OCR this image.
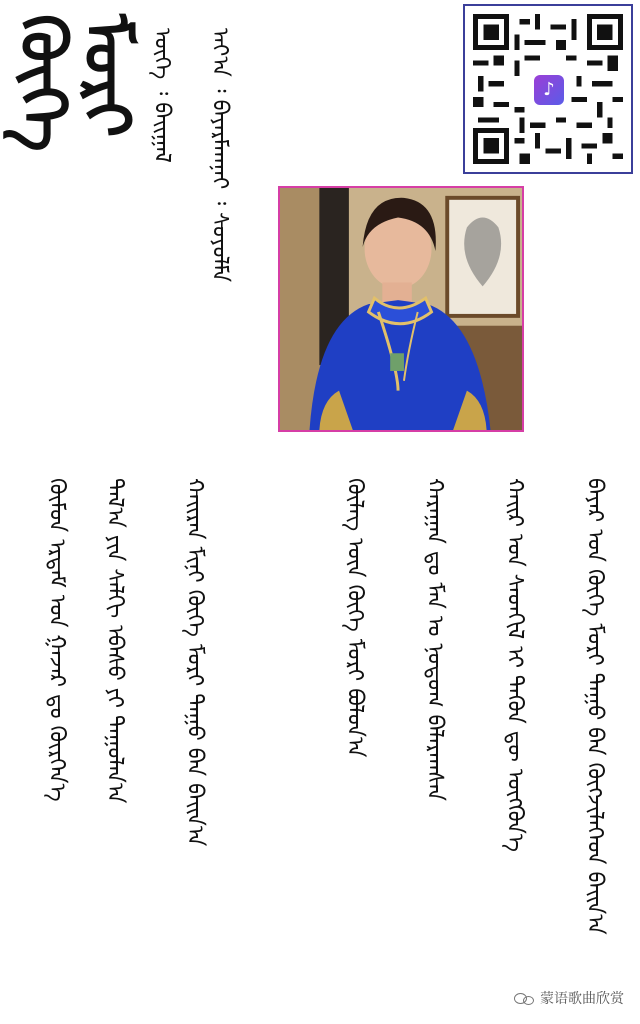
ᠬᠥᠬᠡ
ᠮᠣᠷᠢ ᠦᠭᠡ ᠄ ᠪᠠᠢᠭᠠᠯ ᠠᠶ᠎ᠠ ᠄ ᠪᠠᠶᠠᠷᠮᠠᠭᠨᠠᠢ ᠄ ᠰᠣᠶᠣᠯᠮᠠ	♪
ᠪᠠᠶᠠᠷ ᠤᠨ ᠬᠥᠬᠡ ᠮᠣᠷᠢ ᠳᠠᠭᠤ ᠪᠠᠨ ᠬᠦᠭᠵᠢᠯᠡᠭᠡᠳ ᠪᠠᠢ᠌ᠨ᠎ᠠ
ᠬᠠᠢ᠌ᠷ ᠤᠨ ᠰᠡᠳᠬᠢᠯ ᠢ ᠲᠡᠭᠦᠨ ᠳᠦ ᠥᠭᠭᠦᠨ᠎ᠡ
ᠬᠠᠷᠠᠭᠠᠨ ᠳᠤ ᠮᠠᠨ ᠤ ᠨᠤᠲᠤᠭ ᠪᠠᠯᠠᠷᠠᠭᠰᠠᠨ
ᠬᠦᠯᠡᠭ ᠦᠨ ᠬᠥᠬᠡ ᠮᠣᠷᠢ ᠪᠣᠯᠤᠨ᠎ᠠ
ᠬᠠᠢ᠌ᠷᠠᠨ ᠮᠢᠨᠢ ᠬᠥᠬᠡ ᠮᠣᠷᠢ ᠳᠠᠭᠤ ᠪᠠᠨ ᠪᠠᠢ᠌ᠨ᠎ᠠ
ᠲᠠᠯ᠎ᠠ ᠶᠢᠨ ᠰᠠᠯᠬᠢ ᠡᠪᠡᠰᠦ ᠶᠢ ᠳᠠᠭᠤᠯᠠᠨ᠎ᠠ
ᠬᠦᠮᠦᠨ ᠡᠷᠳᠡᠮ ᠤᠨ ᠭᠠᠵᠠᠷ ᠳᠤ ᠬᠦᠷᠭᠡᠨ᠎ᠡ
蒙语歌曲欣赏
